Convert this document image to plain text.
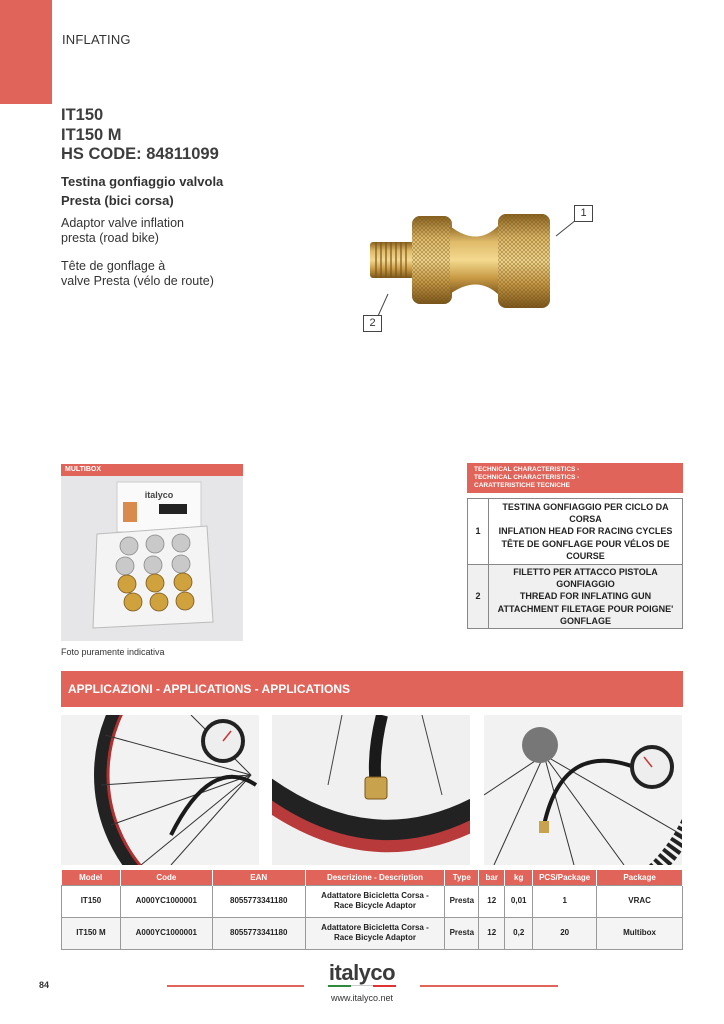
INFLATING
IT150
IT150 M
HS CODE: 84811099
Testina gonfiaggio valvola
Presta (bici corsa)
Adaptor valve inflation
presta (road bike)
Tête de gonflage à
valve Presta (vélo de route)
1
2
MULTIBOX
italyco
Foto puramente indicativa
TECHNICAL CHARACTERISTICS -
TECHNICAL CHARACTERISTICS -
CARATTERISTICHE TECNICHE
1	TESTINA GONFIAGGIO PER CICLO DA
CORSA
INFLATION HEAD FOR RACING CYCLES
TÊTE DE GONFLAGE POUR VÉLOS DE
COURSE

2	FILETTO PER ATTACCO PISTOLA
GONFIAGGIO
THREAD FOR INFLATING GUN
ATTACHMENT FILETAGE POUR POIGNE'
GONFLAGE
APPLICAZIONI - APPLICATIONS - APPLICATIONS
Model	Code	EAN	Descrizione - Description	Type	bar	kg	PCS/Package	Package
IT150	A000YC1000001	8055773341180	Adattatore Bicicletta Corsa -
Race Bicycle Adaptor	Presta	12	0,01	1	VRAC
IT150 M	A000YC1000001	8055773341180	Adattatore Bicicletta Corsa -
Race Bicycle Adaptor	Presta	12	0,2	20	Multibox
84	italyco
www.italyco.net
